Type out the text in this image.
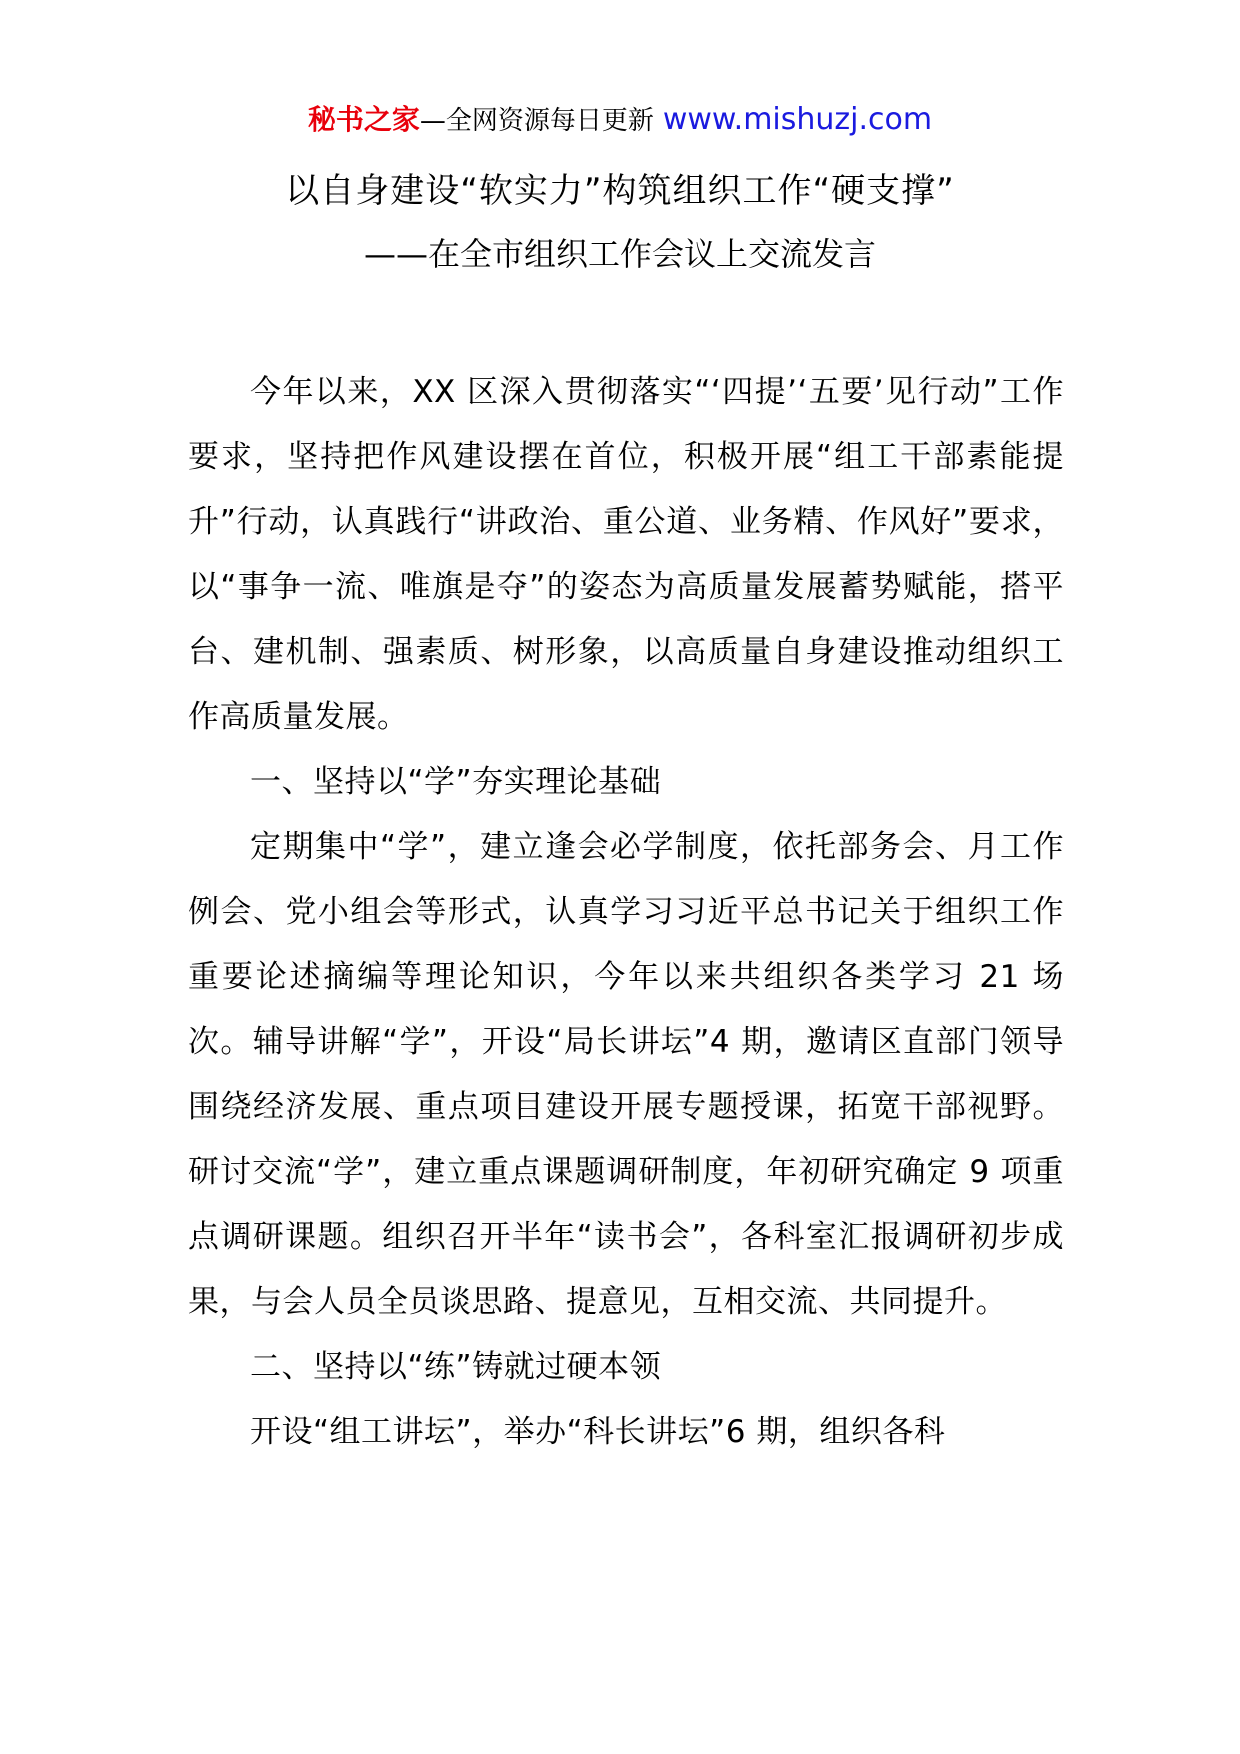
秘书之家—全网资源每日更新 www.mishuzj.com
以自身建设“软实力”构筑组织工作“硬支撑”
——在全市组织工作会议上交流发言

今年以来，XX 区深入贯彻落实“‘四提’‘五要’见行动”工作要求，坚持把作风建设摆在首位，积极开展“组工干部素能提升”行动，认真践行“讲政治、重公道、业务精、作风好”要求，以“事争一流、唯旗是夺”的姿态为高质量发展蓄势赋能，搭平台、建机制、强素质、树形象，以高质量自身建设推动组织工作高质量发展。

一、坚持以“学”夯实理论基础

定期集中“学”，建立逢会必学制度，依托部务会、月工作例会、党小组会等形式，认真学习习近平总书记关于组织工作重要论述摘编等理论知识，今年以来共组织各类学习 21 场次。辅导讲解“学”，开设“局长讲坛”4 期，邀请区直部门领导围绕经济发展、重点项目建设开展专题授课，拓宽干部视野。研讨交流“学”，建立重点课题调研制度，年初研究确定 9 项重点调研课题。组织召开半年“读书会”，各科室汇报调研初步成果，与会人员全员谈思路、提意见，互相交流、共同提升。

二、坚持以“练”铸就过硬本领

开设“组工讲坛”，举办“科长讲坛”6 期，组织各科
